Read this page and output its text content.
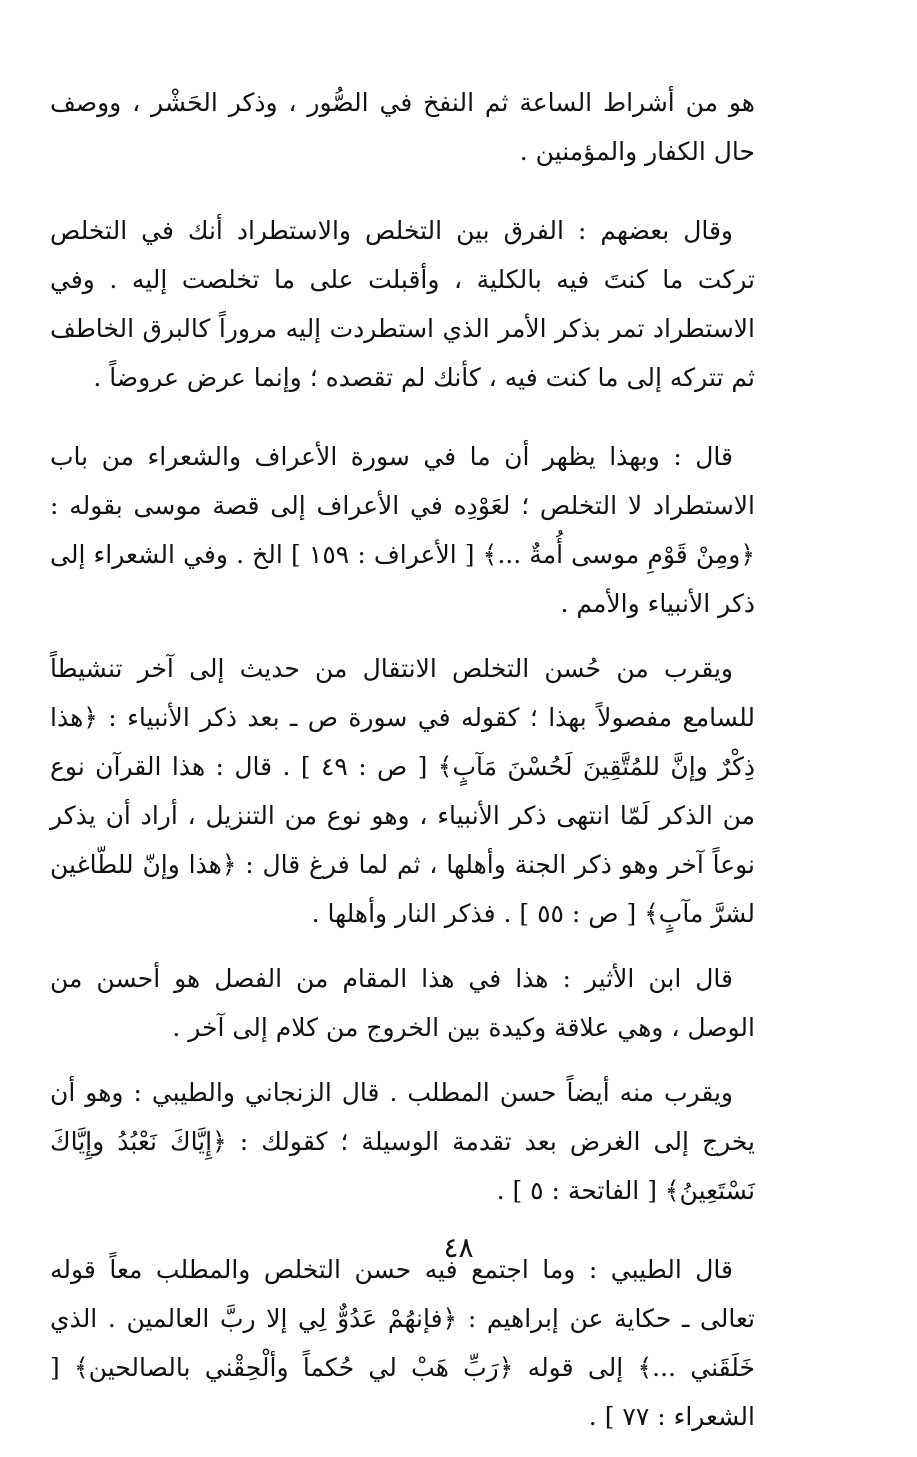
هو من أشراط الساعة ثم النفخ في الصُّور ، وذكر الحَشْر ، ووصف حال الكفار والمؤمنين .

وقال بعضهم : الفرق بين التخلص والاستطراد أنك في التخلص تركت ما كنتَ فيه بالكلية ، وأقبلت على ما تخلصت إليه . وفي الاستطراد تمر بذكر الأمر الذي استطردت إليه مروراً كالبرق الخاطف ثم تتركه إلى ما كنت فيه ، كأنك لم تقصده ؛ وإنما عرض عروضاً .

قال : وبهذا يظهر أن ما في سورة الأعراف والشعراء من باب الاستطراد لا التخلص ؛ لعَوْدِه في الأعراف إلى قصة موسى بقوله : ﴿ومِنْ قَوْمِ موسى أُمةٌ ...﴾ [ الأعراف : ١٥٩ ] الخ . وفي الشعراء إلى ذكر الأنبياء والأمم .

ويقرب من حُسن التخلص الانتقال من حديث إلى آخر تنشيطاً للسامع مفصولاً بهذا ؛ كقوله في سورة ص ـ بعد ذكر الأنبياء : ﴿هذا ذِكْرٌ وإنَّ للمُتَّقِينَ لَحُسْنَ مَآبٍ﴾ [ ص : ٤٩ ] . قال : هذا القرآن نوع من الذكر لَمّا انتهى ذكر الأنبياء ، وهو نوع من التنزيل ، أراد أن يذكر نوعاً آخر وهو ذكر الجنة وأهلها ، ثم لما فرغ قال : ﴿هذا وإنّ للطّاغين لشرَّ مآبٍ﴾ [ ص : ٥٥ ] . فذكر النار وأهلها .

قال ابن الأثير : هذا في هذا المقام من الفصل هو أحسن من الوصل ، وهي علاقة وكيدة بين الخروج من كلام إلى آخر .

ويقرب منه أيضاً حسن المطلب . قال الزنجاني والطيبي : وهو أن يخرج إلى الغرض بعد تقدمة الوسيلة ؛ كقولك : ﴿إِيَّاكَ نَعْبُدُ وإِيَّاكَ نَسْتَعِينُ﴾ [ الفاتحة : ٥ ] .

قال الطيبي : وما اجتمع فيه حسن التخلص والمطلب معاً قوله تعالى ـ حكاية عن إبراهيم : ﴿فإنهُمْ عَدُوٌّ لِي إلا ربَّ العالمين . الذي خَلَقَني ...﴾ إلى قوله ﴿رَبِّ هَبْ لي حُكماً وألْحِقْني بالصالحين﴾ [ الشعراء : ٧٧ ] .

٤٨
